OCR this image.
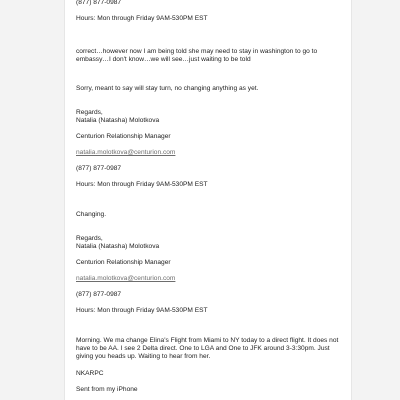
(877) 877-0987
Hours: Mon through Friday 9AM-530PM EST
correct…however now I am being told she may need to stay in washington to go to embassy…I don't know…we will see…just waiting to be told
Sorry, meant to say will stay turn, no changing anything as yet.
Regards,
Natalia (Natasha) Molotkova
Centurion Relationship Manager
natalia.molotkova@centurion.com
(877) 877-0987
Hours: Mon through Friday 9AM-530PM EST
Changing.
Regards,
Natalia (Natasha) Molotkova
Centurion Relationship Manager
natalia.molotkova@centurion.com
(877) 877-0987
Hours: Mon through Friday 9AM-530PM EST
Morning. We ma change Elina's Flight from Miami to NY today to a direct flight. It does not have to be AA. I see 2 Delta direct. One to LGA and One to JFK around 3-3:30pm. Just giving you heads up. Waiting to hear from her.
NKARPC
Sent from my iPhone
